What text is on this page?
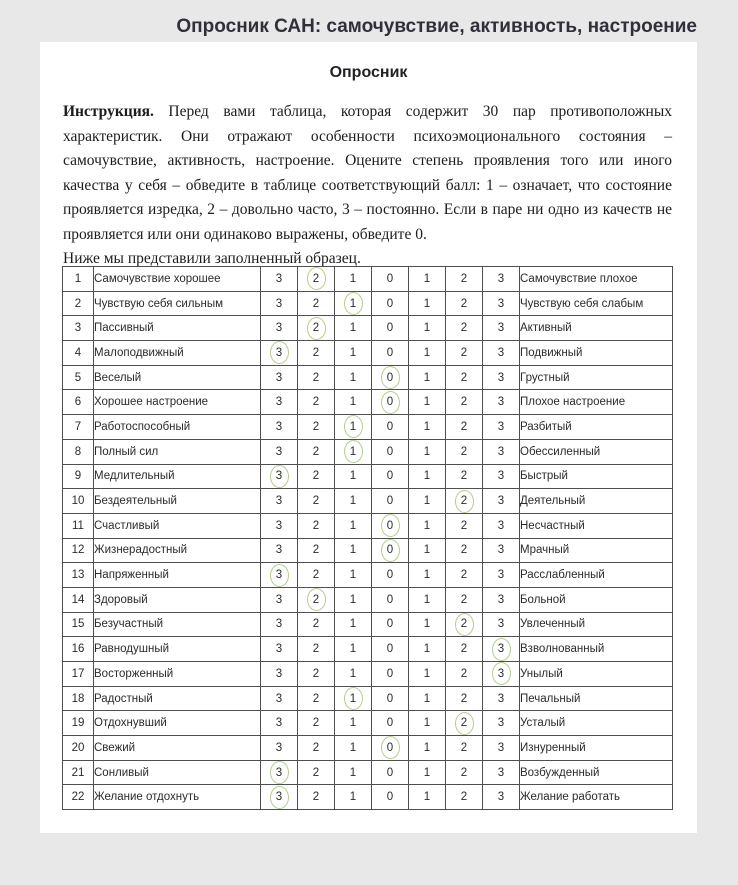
Опросник САН: самочувствие, активность, настроение
Опросник
Инструкция. Перед вами таблица, которая содержит 30 пар противоположных характеристик. Они отражают особенности психоэмоционального состояния – самочувствие, активность, настроение. Оцените степень проявления того или иного качества у себя – обведите в таблице соответствующий балл: 1 – означает, что состояние проявляется изредка, 2 – довольно часто, 3 – постоянно. Если в паре ни одно из качеств не проявляется или они одинаково выражены, обведите 0.
Ниже мы представили заполненный образец.
1	Самочувствие хорошее	3	2	1	0	1	2	3	Самочувствие плохое
2	Чувствую себя сильным	3	2	1	0	1	2	3	Чувствую себя слабым
3	Пассивный	3	2	1	0	1	2	3	Активный
4	Малоподвижный	3	2	1	0	1	2	3	Подвижный
5	Веселый	3	2	1	0	1	2	3	Грустный
6	Хорошее настроение	3	2	1	0	1	2	3	Плохое настроение
7	Работоспособный	3	2	1	0	1	2	3	Разбитый
8	Полный сил	3	2	1	0	1	2	3	Обессиленный
9	Медлительный	3	2	1	0	1	2	3	Быстрый
10	Бездеятельный	3	2	1	0	1	2	3	Деятельный
11	Счастливый	3	2	1	0	1	2	3	Несчастный
12	Жизнерадостный	3	2	1	0	1	2	3	Мрачный
13	Напряженный	3	2	1	0	1	2	3	Расслабленный
14	Здоровый	3	2	1	0	1	2	3	Больной
15	Безучастный	3	2	1	0	1	2	3	Увлеченный
16	Равнодушный	3	2	1	0	1	2	3	Взволнованный
17	Восторженный	3	2	1	0	1	2	3	Унылый
18	Радостный	3	2	1	0	1	2	3	Печальный
19	Отдохнувший	3	2	1	0	1	2	3	Усталый
20	Свежий	3	2	1	0	1	2	3	Изнуренный
21	Сонливый	3	2	1	0	1	2	3	Возбужденный
22	Желание отдохнуть	3	2	1	0	1	2	3	Желание работать
